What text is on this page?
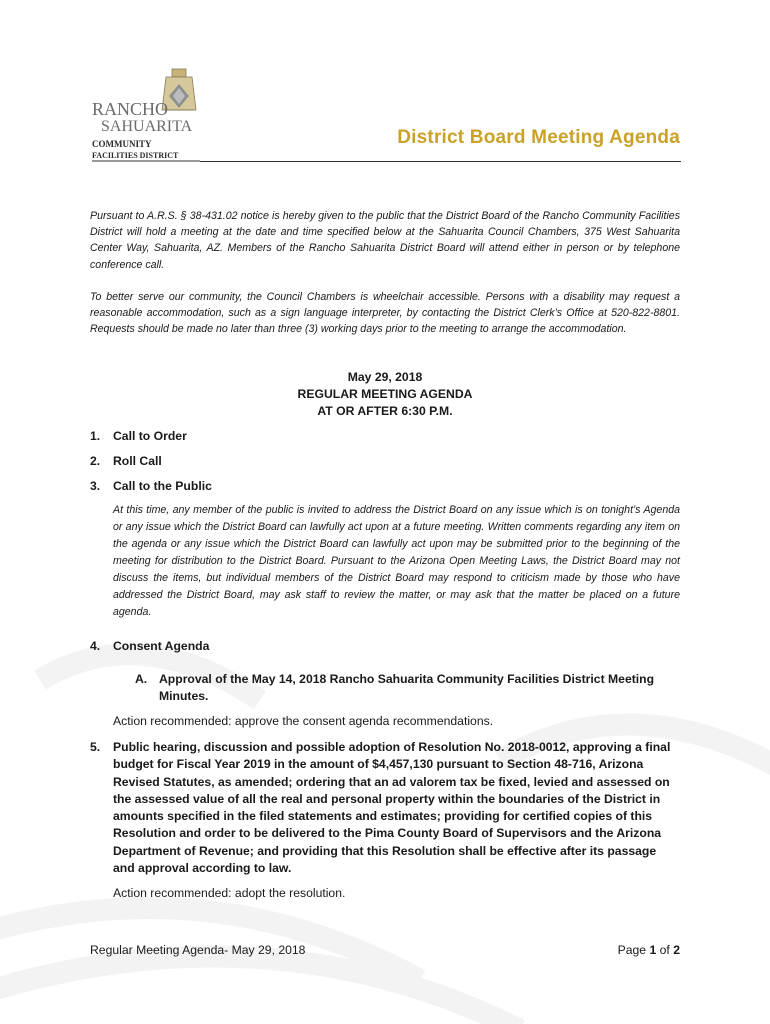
RANCHO
SAHUARITA
COMMUNITY
FACILITIES DISTRICT
District Board Meeting Agenda

Pursuant to A.R.S. § 38-431.02 notice is hereby given to the public that the District Board of the Rancho Community Facilities District will hold a meeting at the date and time specified below at the Sahuarita Council Chambers, 375 West Sahuarita Center Way, Sahuarita, AZ. Members of the Rancho Sahuarita District Board will attend either in person or by telephone conference call.

To better serve our community, the Council Chambers is wheelchair accessible. Persons with a disability may request a reasonable accommodation, such as a sign language interpreter, by contacting the District Clerk’s Office at 520-822-8801. Requests should be made no later than three (3) working days prior to the meeting to arrange the accommodation.

May 29, 2018
REGULAR MEETING AGENDA
AT OR AFTER 6:30 P.M.
1. Call to Order
2. Roll Call
3. Call to the Public

At this time, any member of the public is invited to address the District Board on any issue which is on tonight’s Agenda or any issue which the District Board can lawfully act upon at a future meeting. Written comments regarding any item on the agenda or any issue which the District Board can lawfully act upon may be submitted prior to the beginning of the meeting for distribution to the District Board. Pursuant to the Arizona Open Meeting Laws, the District Board may not discuss the items, but individual members of the District Board may respond to criticism made by those who have addressed the District Board, may ask staff to review the matter, or may ask that the matter be placed on a future agenda.

4. Consent Agenda
A. Approval of the May 14, 2018 Rancho Sahuarita Community Facilities District Meeting Minutes.
Action recommended: approve the consent agenda recommendations.
5.	Public hearing, discussion and possible adoption of Resolution No. 2018-0012, approving a final budget for Fiscal Year 2019 in the amount of $4,457,130 pursuant to Section 48-716, Arizona Revised Statutes, as amended; ordering that an ad valorem tax be fixed, levied and assessed on the assessed value of all the real and personal property within the boundaries of the District in amounts specified in the filed statements and estimates; providing for certified copies of this Resolution and order to be delivered to the Pima County Board of Supervisors and the Arizona Department of Revenue; and providing that this Resolution shall be effective after its passage and approval according to law.
Action recommended: adopt the resolution.
Regular Meeting Agenda- May 29, 2018	Page 1 of 2
